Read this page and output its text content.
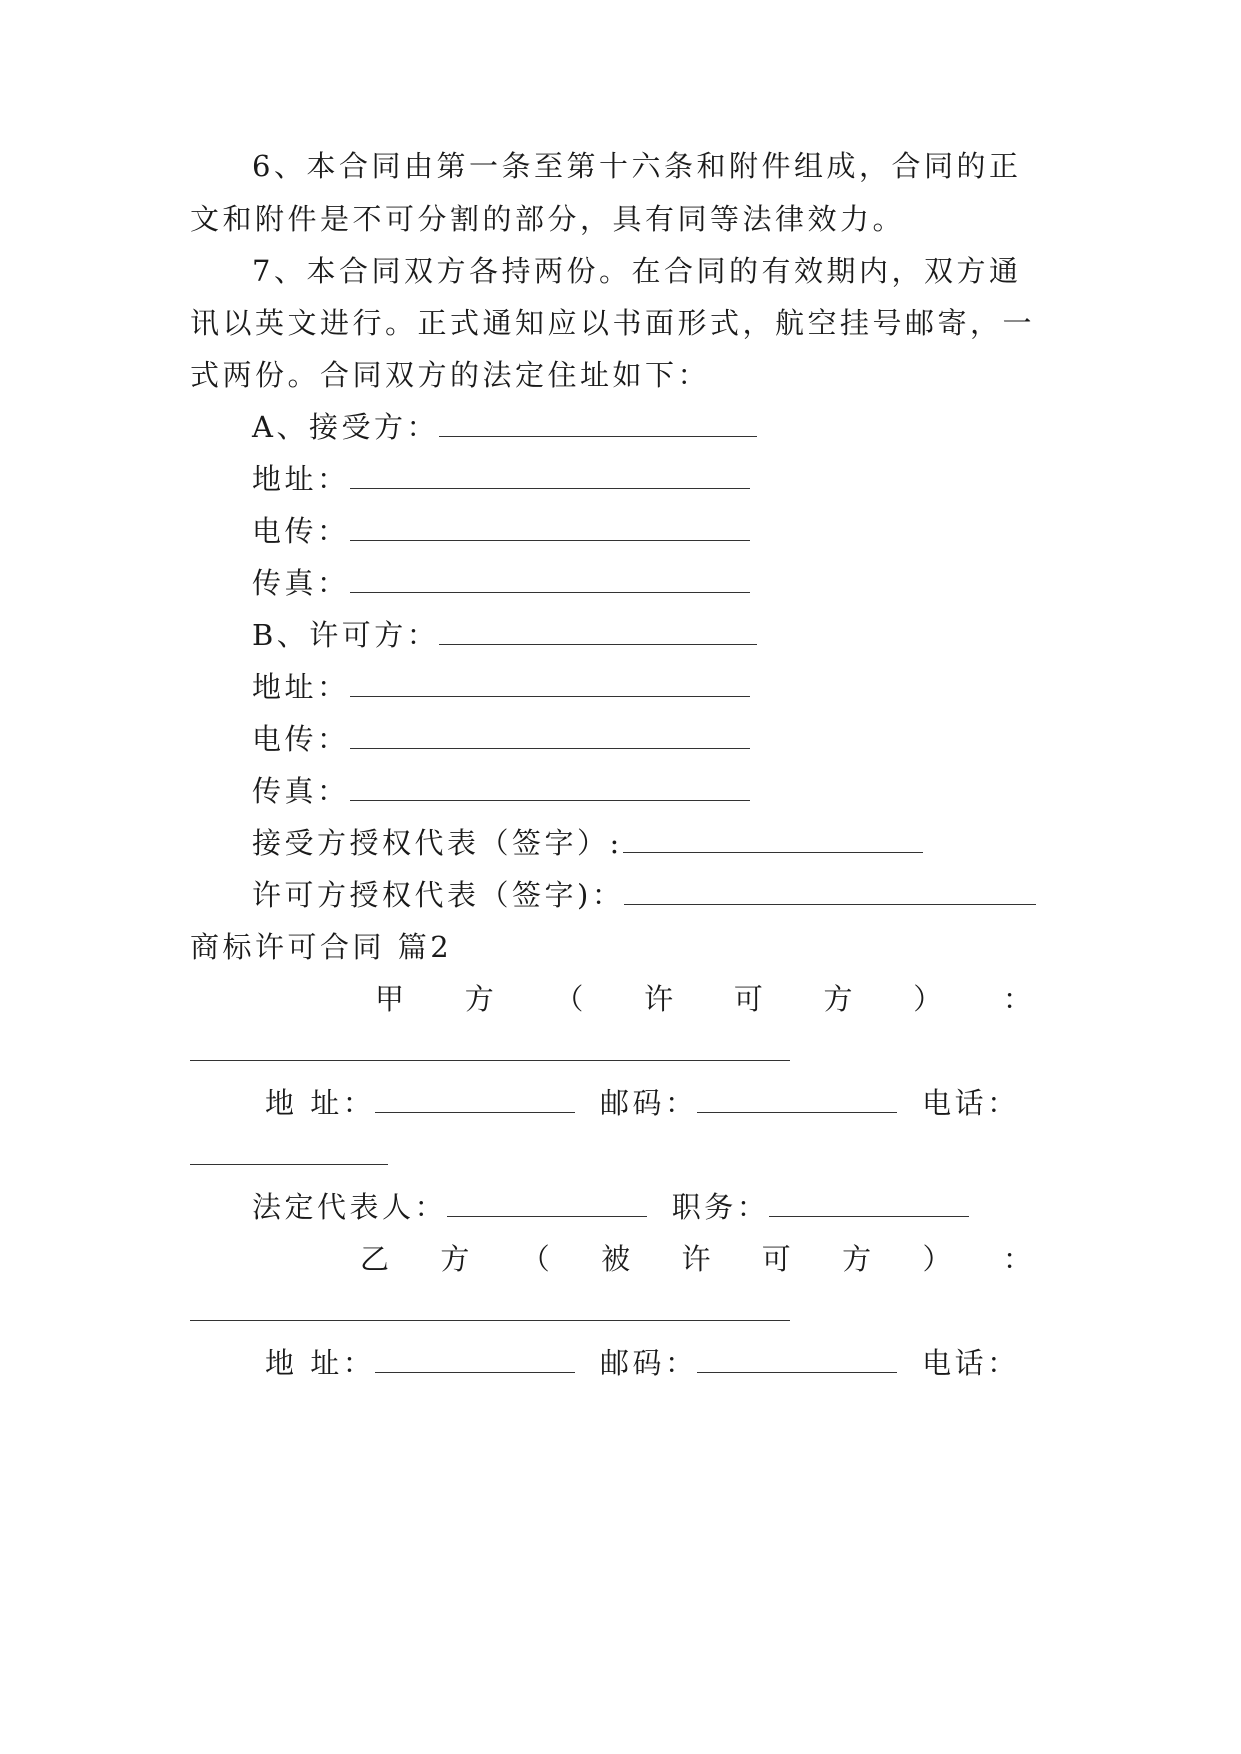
6、本合同由第一条至第十六条和附件组成，合同的正
文和附件是不可分割的部分，具有同等法律效力。
7、本合同双方各持两份。在合同的有效期内，双方通
讯以英文进行。正式通知应以书面形式，航空挂号邮寄，一
式两份。合同双方的法定住址如下：
A、接受方：
地址：
电传：
传真：
B、许可方：
地址：
电传：
传真：
接受方授权代表（签字）:
许可方授权代表（签字)：
商标许可合同 篇2
甲 方 （ 许 可 方 ） ：
地 址：	邮码：	电话：
法定代表人：	职务：
乙 方 （ 被 许 可 方 ） ：
地 址：	邮码：	电话：
